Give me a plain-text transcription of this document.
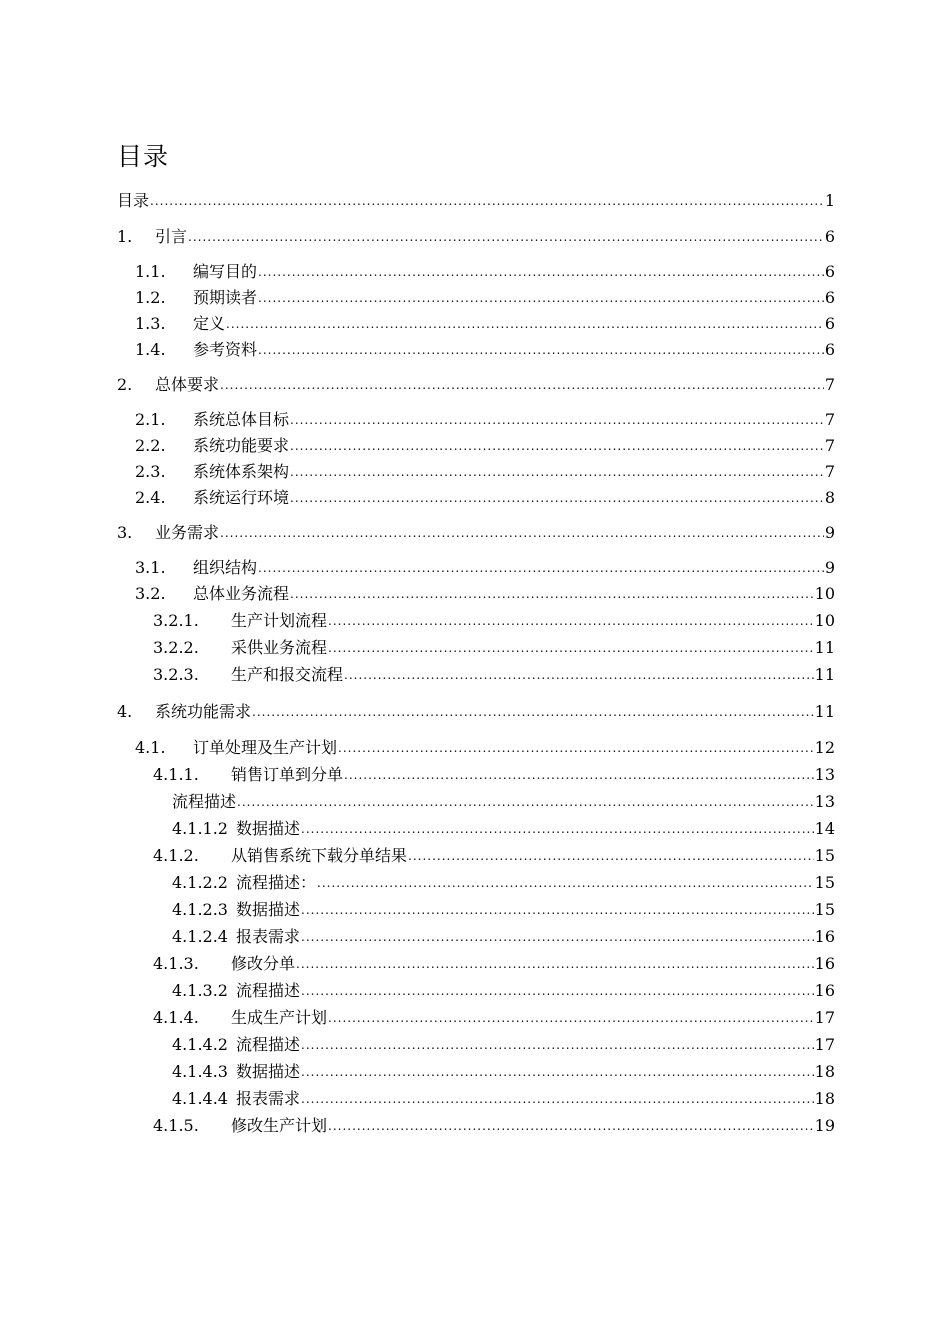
目录
目录 .....	1
1.	引言 .....	6
1.1.	编写目的 .....	6
1.2.	预期读者 .....	6
1.3.	定义 .....	6
1.4.	参考资料 .....	6
2.	总体要求 .....	7
2.1.	系统总体目标 .....	7
2.2.	系统功能要求 .....	7
2.3.	系统体系架构 .....	7
2.4.	系统运行环境 .....	8
3.	业务需求 .....	9
3.1.	组织结构 .....	9
3.2.	总体业务流程 .....	10
3.2.1.	生产计划流程 .....	10
3.2.2.	采供业务流程 .....	11
3.2.3.	生产和报交流程 .....	11
4.	系统功能需求 .....	11
4.1.	订单处理及生产计划 .....	12
4.1.1.	销售订单到分单 .....	13
流程描述 .....	13
4.1.1.2 数据描述 .....	14
4.1.2.	从销售系统下载分单结果 .....	15
4.1.2.2 流程描述： .....	15
4.1.2.3 数据描述 .....	15
4.1.2.4 报表需求 .....	16
4.1.3.	修改分单 .....	16
4.1.3.2 流程描述 .....	16
4.1.4.	生成生产计划 .....	17
4.1.4.2 流程描述 .....	17
4.1.4.3 数据描述 .....	18
4.1.4.4 报表需求 .....	18
4.1.5.	修改生产计划 .....	19
